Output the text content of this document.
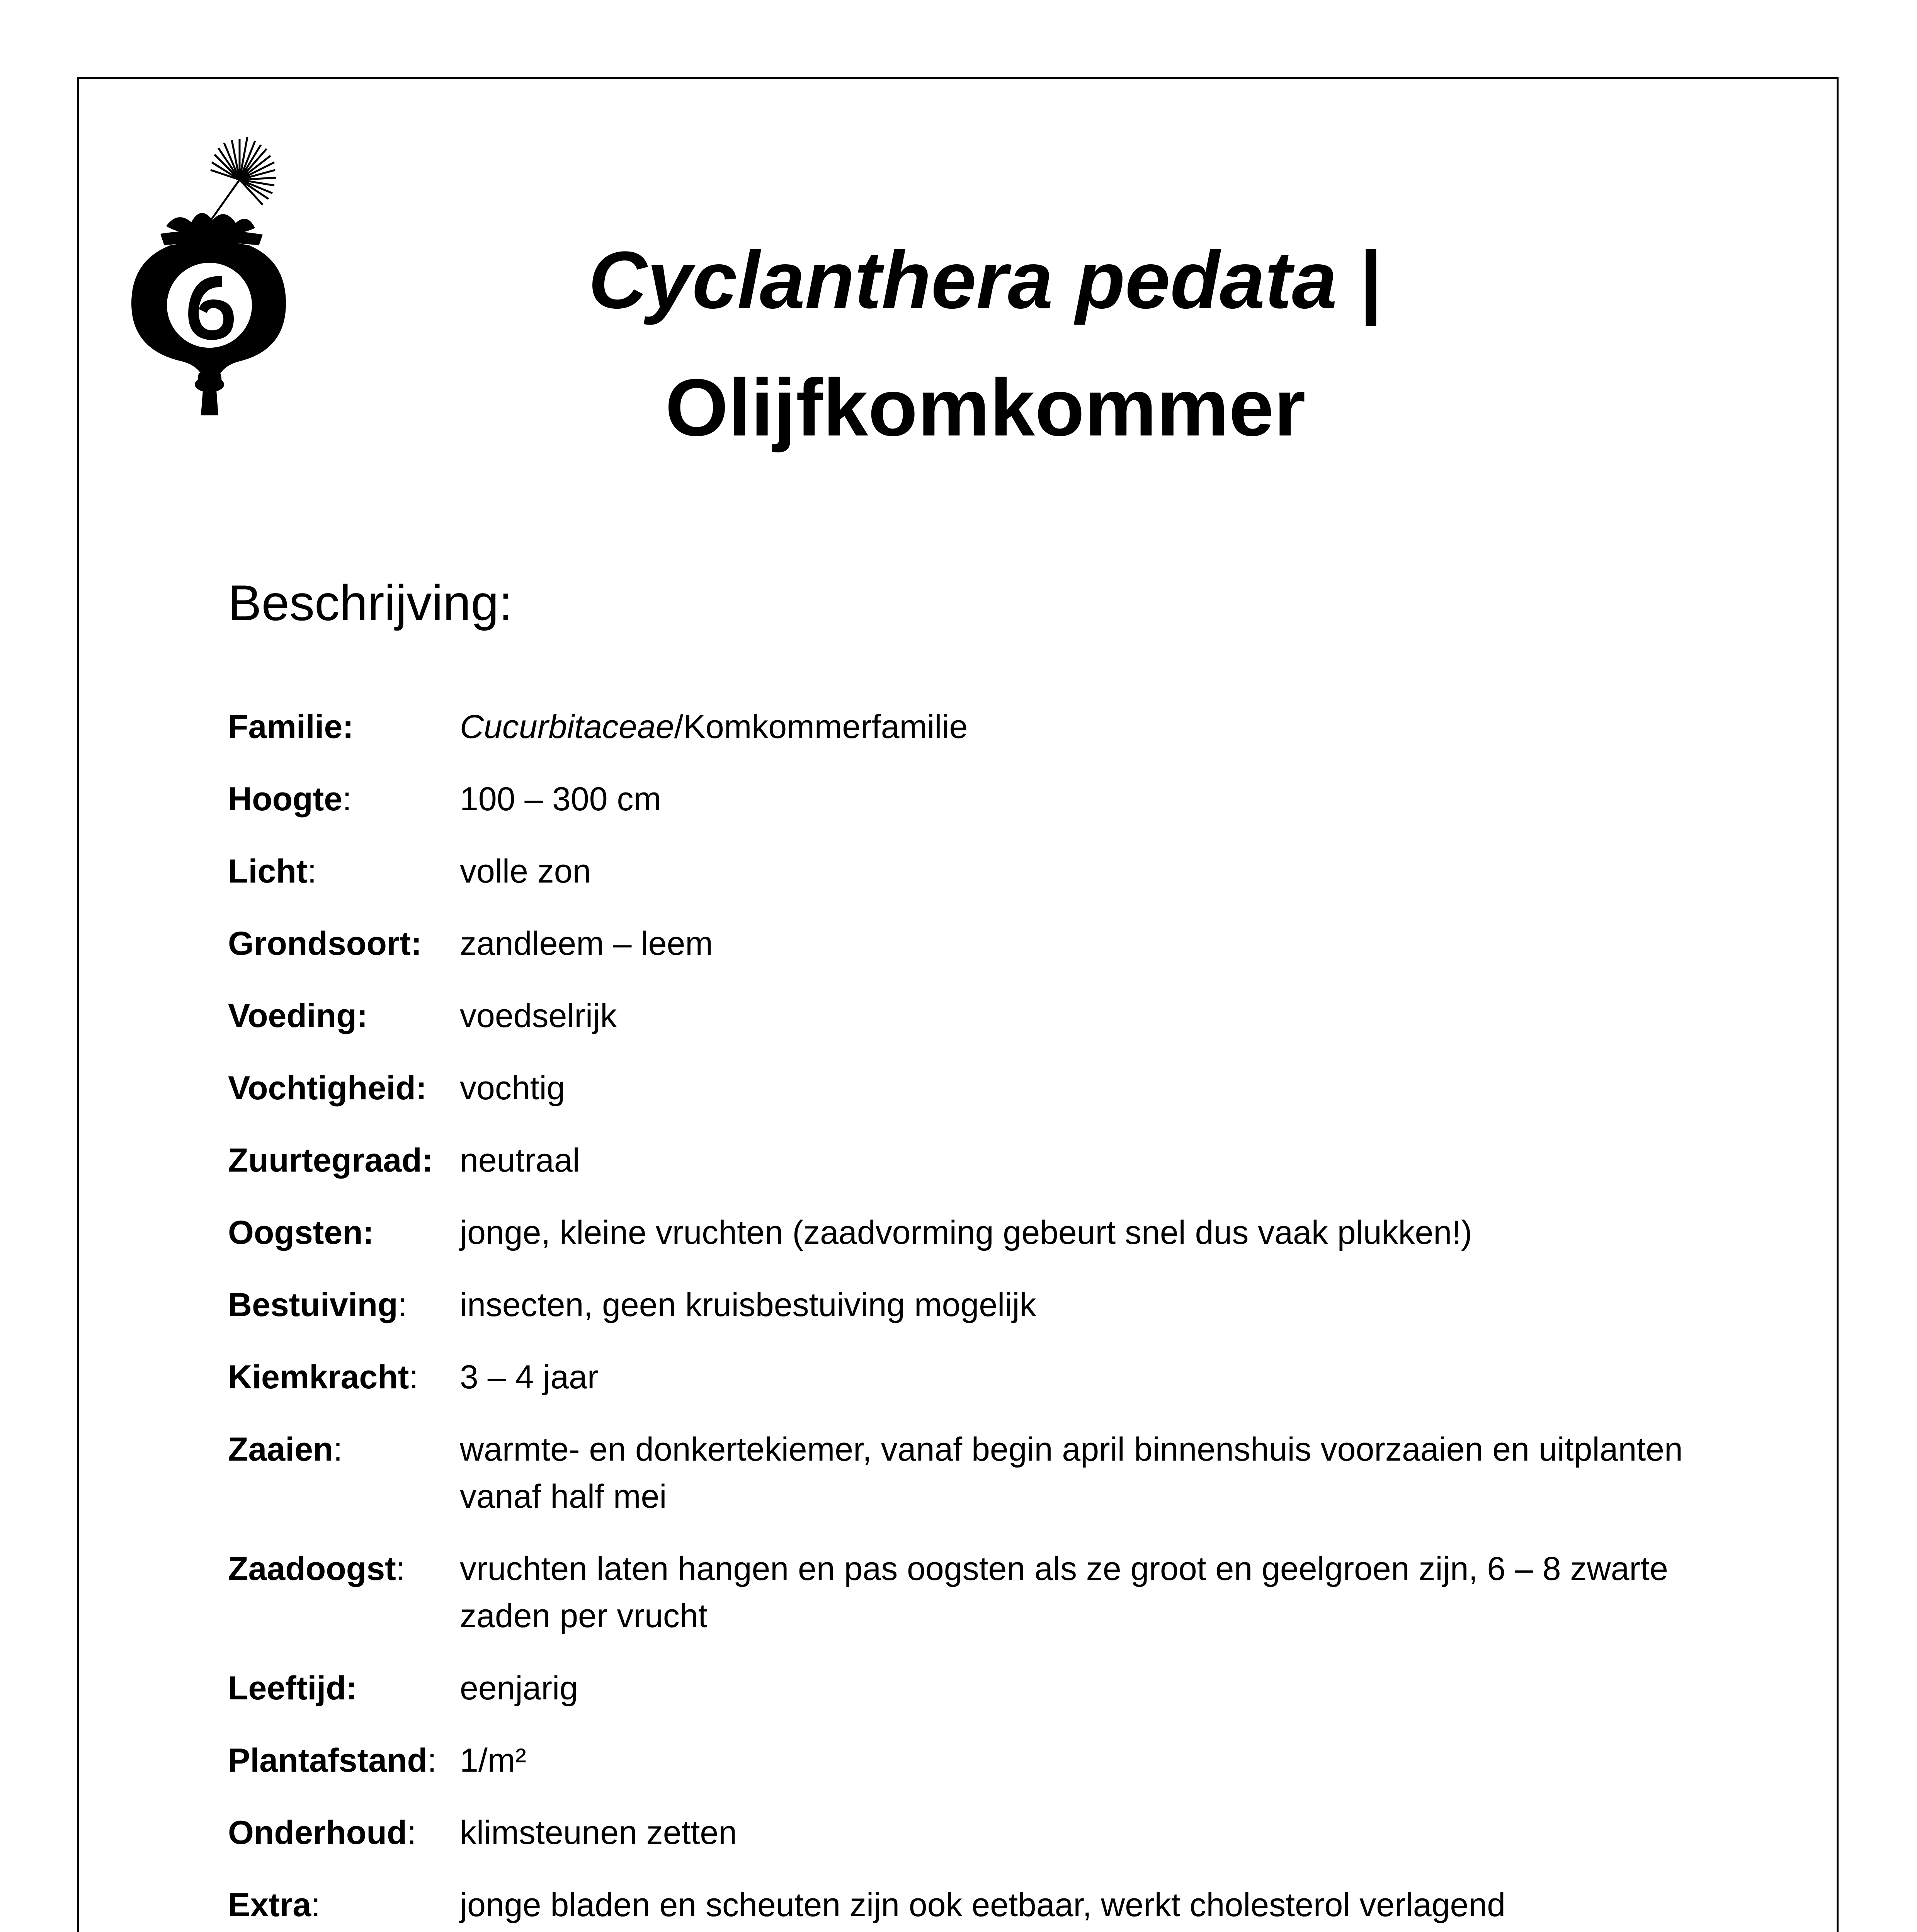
Cyclanthera pedata |
Olijfkomkommer
Beschrijving:
Familie:	Cucurbitaceae/Komkommerfamilie
Hoogte:	100 – 300 cm
Licht:	volle zon
Grondsoort:	zandleem – leem
Voeding:	voedselrijk
Vochtigheid: vochtig
Zuurtegraad: neutraal
Oogsten:	jonge, kleine vruchten (zaadvorming gebeurt snel dus vaak plukken!)
Bestuiving:	insecten, geen kruisbestuiving mogelijk
Kiemkracht:	3 – 4 jaar
Zaaien:	warmte- en donkertekiemer, vanaf begin april binnenshuis voorzaaien en uitplanten vanaf half mei
Zaadoogst:	vruchten laten hangen en pas oogsten als ze groot en geelgroen zijn, 6 – 8 zwarte zaden per vrucht
Leeftijd:	eenjarig
Plantafstand: 1/m²
Onderhoud:	klimsteunen zetten
Extra:	jonge bladen en scheuten zijn ook eetbaar, werkt cholesterol verlagend
